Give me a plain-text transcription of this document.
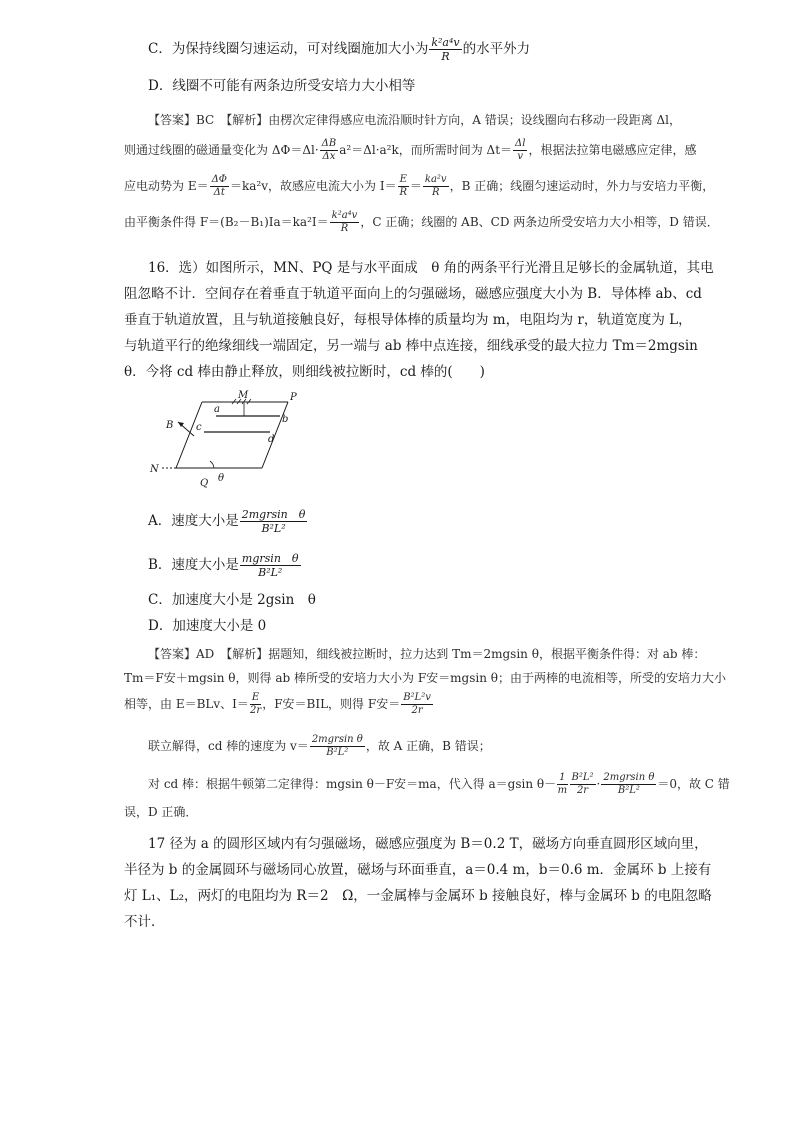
C．为保持线圈匀速运动，可对线圈施加大小为 $\frac{\text{k²a⁴v}}{R}$ 的水平外力
D．线圈不可能有两条边所受安培力大小相等
【答案】BC　【解析】由楞次定律得感应电流沿顺时针方向，A 错误；设线圈向右移动一段距离 Δl，
则通过线圈的磁通量变化为 $\Delta\Phi=\Delta l\cdot \frac{\Delta B}{\Delta x} a^2=\Delta l\cdot a^2k$，而所需时间为 $\Delta t= \frac{\Delta l}{v}$ ，根据法拉第电磁感应定律，感
应电动势为 $E= \frac{\Delta\Phi}{\Delta t} =ka^2v$，故感应电流大小为 $I= \frac{E}{R} = \frac{\text{ka²v}}{R}$ ，B 正确；线圈匀速运动时，外力与安培力平衡，
由平衡条件得 $F=(B_2-B_1)Ia=ka^2I= \frac{\text{k²a⁴v}}{R}$ ，C 正确；线圈的 AB、CD 两条边所受安培力大小相等，D 错误．
16．选）如图所示，MN、PQ 是与水平面成　θ 角的两条平行光滑且足够长的金属轨道，其电
阻忽略不计．空间存在着垂直于轨道平面向上的匀强磁场，磁感应强度大小为 B．导体棒 ab、cd
垂直于轨道放置，且与轨道接触良好，每根导体棒的质量均为 m，电阻均为 r，轨道宽度为 L，
与轨道平行的绝缘细线一端固定，另一端与 ab 棒中点连接，细线承受的最大拉力 Tm＝2mgsin
θ．今将 cd 棒由静止释放，则细线被拉断时，cd 棒的(　　)
M	P
a
b
B c
d
N
Q θ
A．速度大小是 $\frac{\text{2mgrsin　θ}}{\text{B²L²}}$
B．速度大小是 $\frac{\text{mgrsin　θ}}{\text{B²L²}}$
C．加速度大小是 2gsin　θ
D．加速度大小是 0
【答案】AD　【解析】据题知，细线被拉断时，拉力达到 Tm＝2mgsin θ，根据平衡条件得：对 ab 棒：
Tm＝F安＋mgsin θ，则得 ab 棒所受的安培力大小为 F安＝mgsin θ；由于两棒的电流相等，所受的安培力大小
相等，由 E＝BLv、$I= \frac{E}{2r}$ ，F安＝BIL，则得 F安＝ $\frac{\text{B²L²v}}{2r}$
联立解得，cd 棒的速度为 $v= \frac{\text{2mgrsin θ}}{\text{B²L²}}$ ，故 A 正确，B 错误；
对 cd 棒：根据牛顿第二定律得：mgsin θ－F安＝ma，代入得 a＝gsin $\theta- \frac{1}{m} \frac{\text{B²L²}}{2r} \cdot \frac{\text{2mgrsin θ}}{\text{B²L²}} =0$，故 C 错
误，D 正确．
17 径为 a 的圆形区域内有匀强磁场，磁感应强度为 B＝0.2 T，磁场方向垂直圆形区域向里，
半径为 b 的金属圆环与磁场同心放置，磁场与环面垂直，a＝0.4 m，b＝0.6 m．金属环 b 上接有
灯 L₁、L₂，两灯的电阻均为 R＝2　Ω，一金属棒与金属环 b 接触良好，棒与金属环 b 的电阻忽略
不计．
